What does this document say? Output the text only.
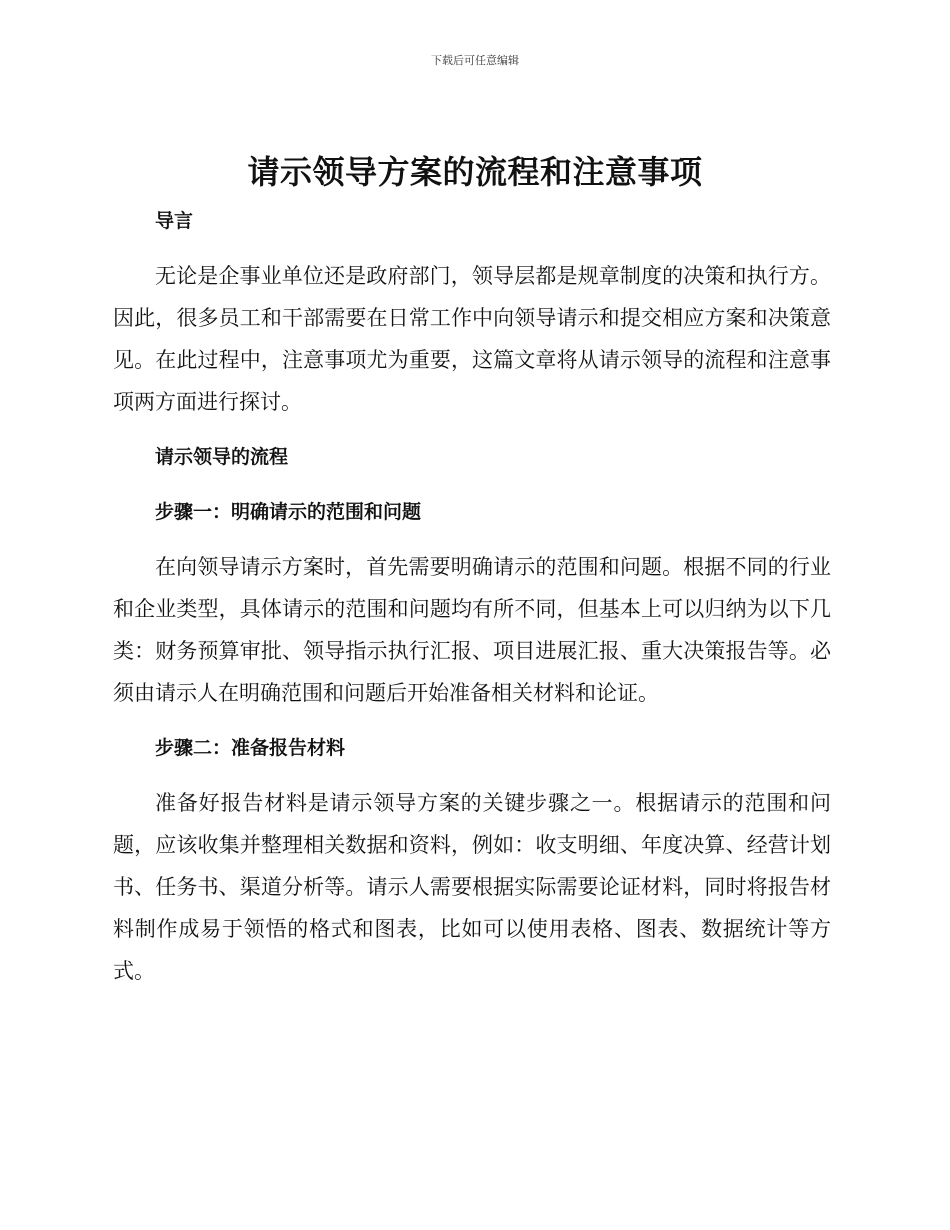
下载后可任意编辑
请示领导方案的流程和注意事项

导言

无论是企事业单位还是政府部门，领导层都是规章制度的决策和执行方。因此，很多员工和干部需要在日常工作中向领导请示和提交相应方案和决策意见。在此过程中，注意事项尤为重要，这篇文章将从请示领导的流程和注意事项两方面进行探讨。

请示领导的流程

步骤一：明确请示的范围和问题

在向领导请示方案时，首先需要明确请示的范围和问题。根据不同的行业和企业类型，具体请示的范围和问题均有所不同，但基本上可以归纳为以下几类：财务预算审批、领导指示执行汇报、项目进展汇报、重大决策报告等。必须由请示人在明确范围和问题后开始准备相关材料和论证。

步骤二：准备报告材料

准备好报告材料是请示领导方案的关键步骤之一。根据请示的范围和问题，应该收集并整理相关数据和资料，例如：收支明细、年度决算、经营计划书、任务书、渠道分析等。请示人需要根据实际需要论证材料，同时将报告材料制作成易于领悟的格式和图表，比如可以使用表格、图表、数据统计等方式。
